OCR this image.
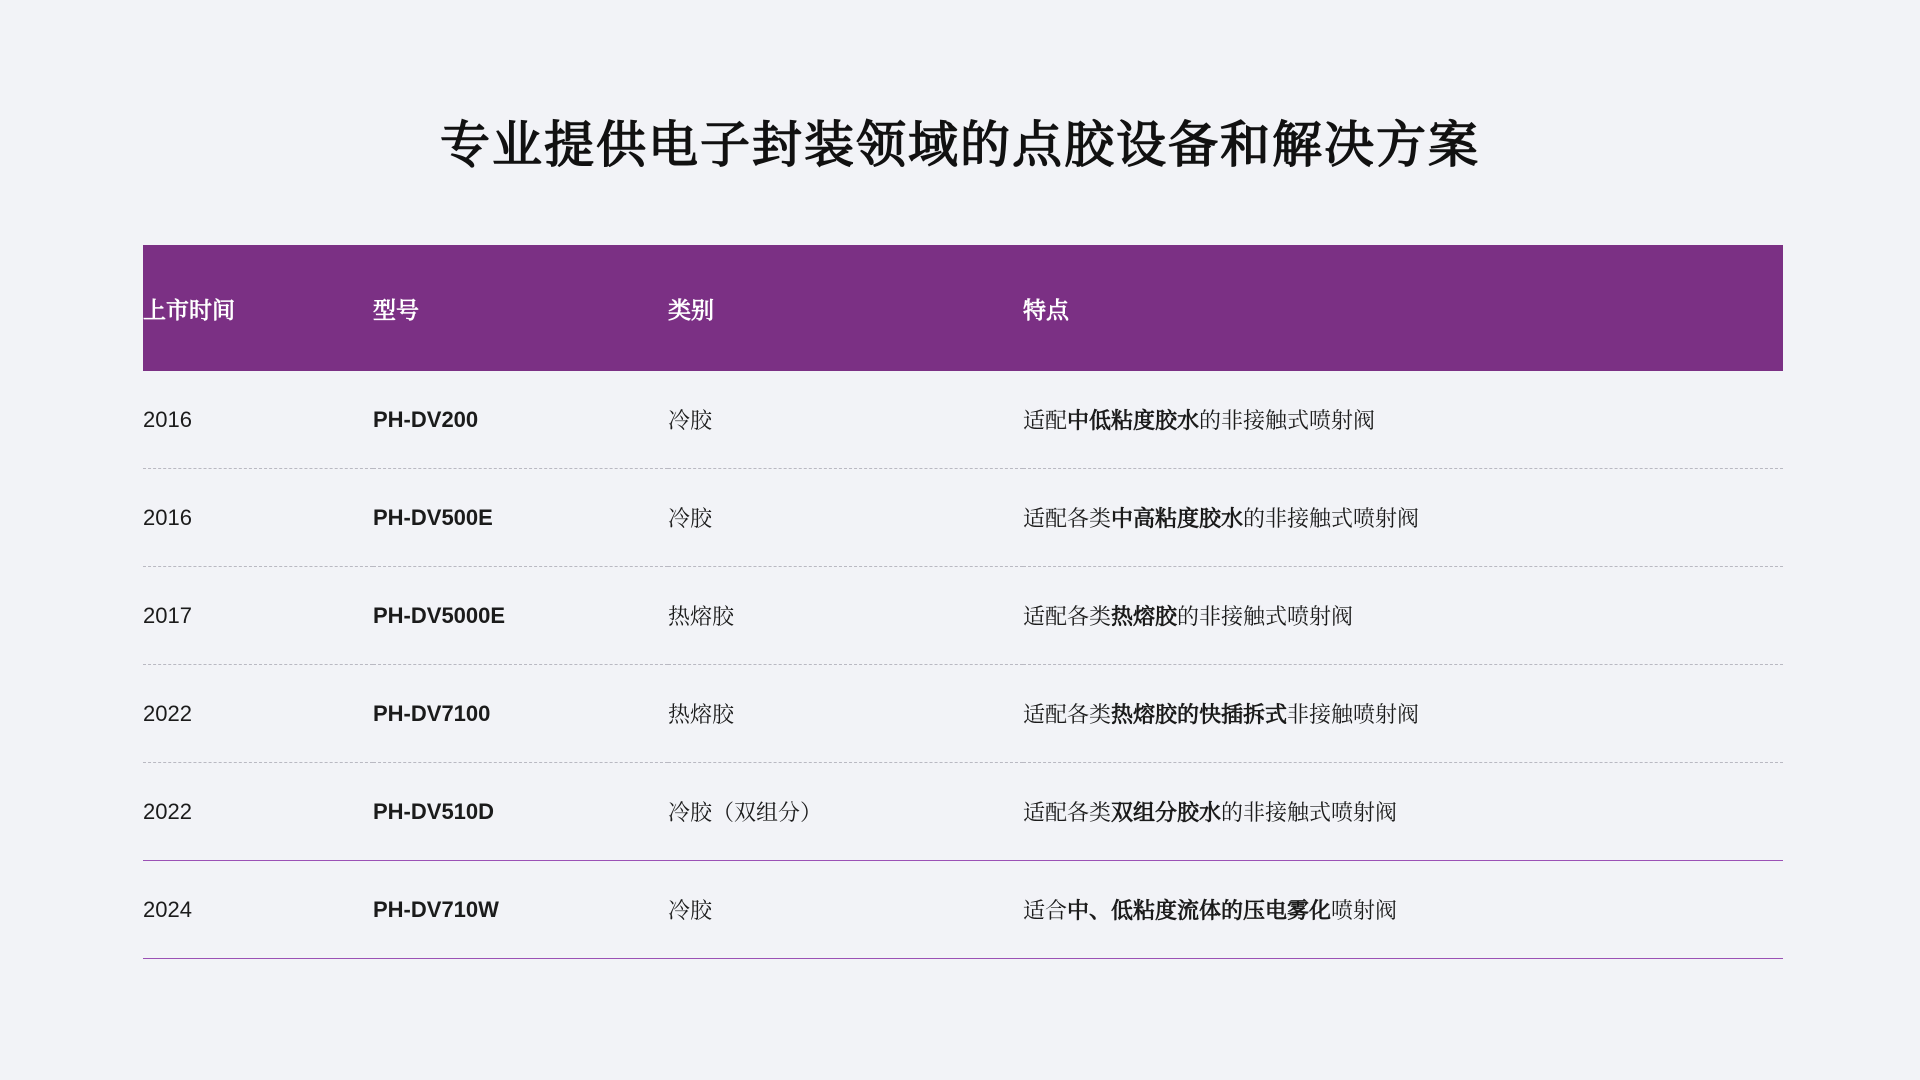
专业提供电子封装领域的点胶设备和解决方案
上市时间	型号	类别	特点
2016	PH-DV200	冷胶	适配中低粘度胶水的非接触式喷射阀
2016	PH-DV500E	冷胶	适配各类中高粘度胶水的非接触式喷射阀
2017	PH-DV5000E	热熔胶	适配各类热熔胶的非接触式喷射阀
2022	PH-DV7100	热熔胶	适配各类热熔胶的快插拆式非接触喷射阀
2022	PH-DV510D	冷胶（双组分）	适配各类双组分胶水的非接触式喷射阀
2024	PH-DV710W	冷胶	适合中、低粘度流体的压电雾化喷射阀
